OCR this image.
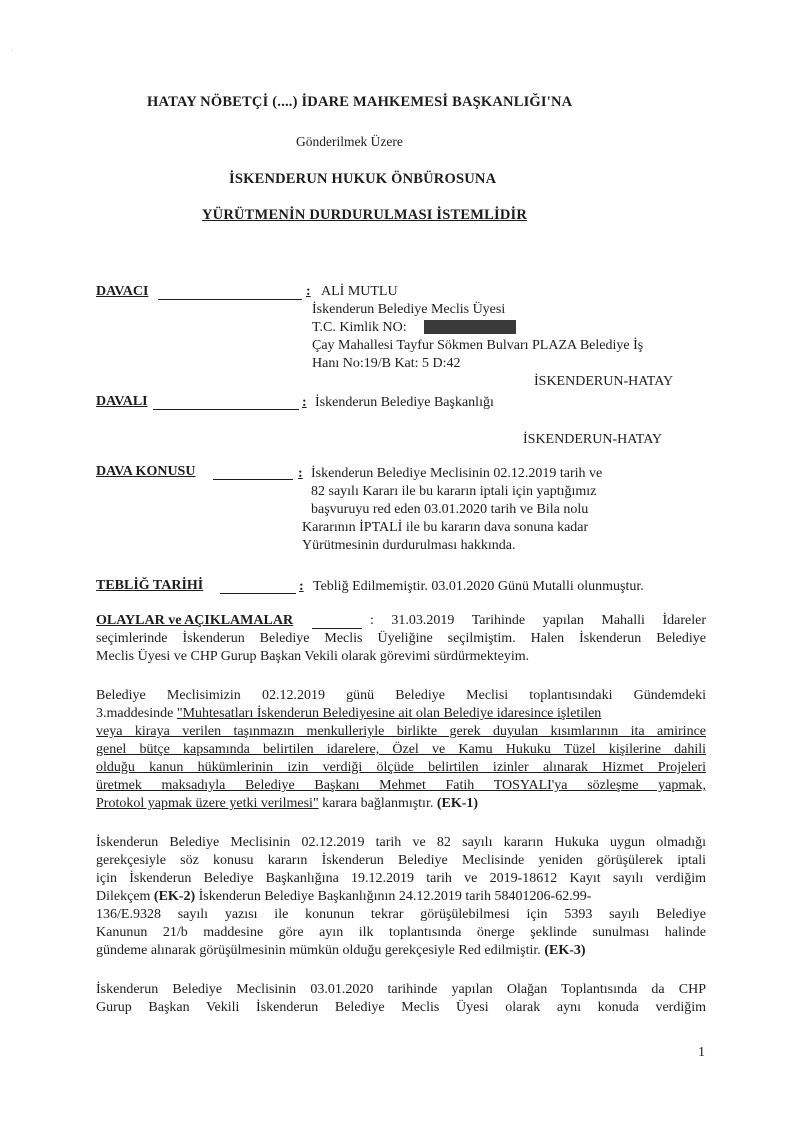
·
HATAY NÖBETÇİ (....) İDARE MAHKEMESİ BAŞKANLIĞI'NA
Gönderilmek Üzere
İSKENDERUN HUKUK ÖNBÜROSUNA
YÜRÜTMENİN DURDURULMASI İSTEMLİDİR
DAVACI	: ALİ MUTLU
İskenderun Belediye Meclis Üyesi
T.C. Kimlik NO:
Çay Mahallesi Tayfur Sökmen Bulvarı PLAZA Belediye İş
Hanı No:19/B Kat: 5 D:42
İSKENDERUN-HATAY
DAVALI	: İskenderun Belediye Başkanlığı
İSKENDERUN-HATAY
DAVA KONUSU	: İskenderun Belediye Meclisinin 02.12.2019 tarih ve
82 sayılı Kararı ile bu kararın iptali için yaptığımız
başvuruyu red eden 03.01.2020 tarih ve Bila nolu
Kararının İPTALİ ile bu kararın dava sonuna kadar
Yürütmesinin durdurulması hakkında.
TEBLİĞ TARİHİ	: Tebliğ Edilmemiştir. 03.01.2020 Günü Mutalli olunmuştur.
OLAYLAR ve AÇIKLAMALAR	: 31.03.2019 Tarihinde yapılan Mahalli İdareler
seçimlerinde İskenderun Belediye Meclis Üyeliğine seçilmiştim. Halen İskenderun Belediye
Meclis Üyesi ve CHP Gurup Başkan Vekili olarak görevimi sürdürmekteyim.
Belediye Meclisimizin 02.12.2019 günü Belediye Meclisi toplantısındaki Gündemdeki
3.maddesinde "Muhtesatları İskenderun Belediyesine ait olan Belediye idaresince işletilen
veya kiraya verilen taşınmazın menkulleriyle birlikte gerek duyulan kısımlarının ita amirince
genel bütçe kapsamında belirtilen idarelere, Özel ve Kamu Hukuku Tüzel kişilerine dahili
olduğu kanun hükümlerinin izin verdiği ölçüde belirtilen izinler alınarak Hizmet Projeleri
üretmek maksadıyla Belediye Başkanı Mehmet Fatih TOSYALI'ya sözleşme yapmak,
Protokol yapmak üzere yetki verilmesi" karara bağlanmıştır. (EK-1)
İskenderun Belediye Meclisinin 02.12.2019 tarih ve 82 sayılı kararın Hukuka uygun olmadığı
gerekçesiyle söz konusu kararın İskenderun Belediye Meclisinde yeniden görüşülerek iptali
için İskenderun Belediye Başkanlığına 19.12.2019 tarih ve 2019-18612 Kayıt sayılı verdiğim
Dilekçem (EK-2) İskenderun Belediye Başkanlığının 24.12.2019 tarih 58401206-62.99-
136/E.9328 sayılı yazısı ile konunun tekrar görüşülebilmesi için 5393 sayılı Belediye
Kanunun 21/b maddesine göre ayın ilk toplantısında önerge şeklinde sunulması halinde
gündeme alınarak görüşülmesinin mümkün olduğu gerekçesiyle Red edilmiştir. (EK-3)
İskenderun Belediye Meclisinin 03.01.2020 tarihinde yapılan Olağan Toplantısında da CHP
Gurup Başkan Vekili İskenderun Belediye Meclis Üyesi olarak aynı konuda verdiğim
1
